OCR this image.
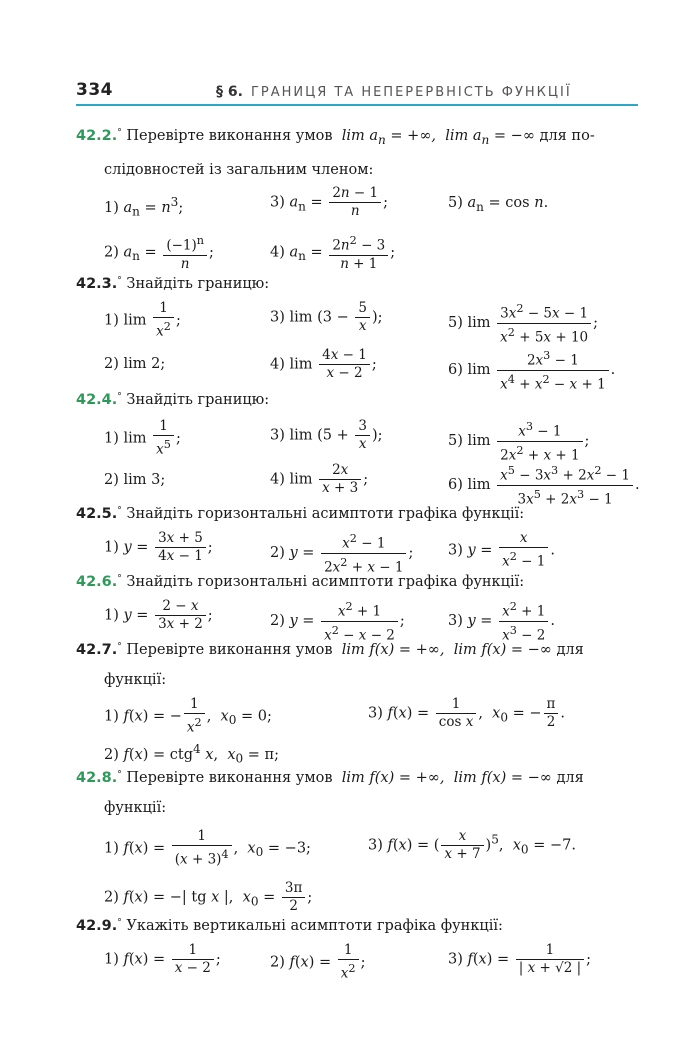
334	§ 6. ГРАНИЦЯ ТА НЕПЕРЕРВНІСТЬ ФУНКЦІЇ
42.2.° Перевірте виконання умов  $\lim a_n$ = +∞,  $\lim a_n$ = −∞ для по-
слідовностей із загальним членом:
1) $a_n = n^3$;	3) $a_n = \frac{2n - 1}{n}$ ;	5) $a_n = \cos n$.
2) $a_n = \frac{(-1)^n}{n}$ ;	4) $a_n = \frac{2n^2 - 3}{n + 1}$ ;
42.3.° Знайдіть границю:
1) $\lim \frac{1}{x^2}$ ;	3) $\lim (3 - \frac{5}{x}$ );	5) $\lim \frac{3x^2 - 5x - 1}{x^2 + 5x + 10}$ ;
2) lim 2;	4) $\lim \frac{4x - 1}{x - 2}$ ;	6) $\lim \frac{2x^3 - 1}{x^4 + x^2 - x + 1}$ .
42.4.° Знайдіть границю:
1) $\lim \frac{1}{x^5}$ ;	3) $\lim (5 + \frac{3}{x}$ );	5) $\lim \frac{x^3 - 1}{2x^2 + x + 1}$ ;
2) lim 3;	4) $\lim \frac{2x}{x + 3}$ ;	6) $\lim \frac{x^5 - 3x^3 + 2x^2 - 1}{3x^5 + 2x^3 - 1}$ .
42.5.° Знайдіть горизонтальні асимптоти графіка функції:
1) $y = \frac{3x + 5}{4x - 1}$ ;	2) $y = \frac{x^2 - 1}{2x^2 + x - 1}$ ; 3) $y = \frac{x}{x^2 - 1}$ .
42.6.° Знайдіть горизонтальні асимптоти графіка функції:
1) $y = \frac{2 - x}{3x + 2}$ ;	2) $y = \frac{x^2 + 1}{x^2 - x - 2}$ ;	3) $y = \frac{x^2 + 1}{x^3 - 2}$ .
42.7.° Перевірте виконання умов  lim f(x) = +∞,  lim f(x) = −∞ для
функції:
1) f(x) = − $\frac{1}{x^2}$ ,  $x_0 = 0$;	3) $f(x) = \frac{1}{\text{cos x}}$ ,  $x_0$ = − $\frac{\pi}{2}$ .
2) f(x) = ctg$^4$ x,  $x_0 = \pi$;
42.8.° Перевірте виконання умов  lim f(x) = +∞,  lim f(x) = −∞ для
функції:
1) $f(x) = \frac{1}{(x + 3)^4}$ ,  $x_0 = -3$;	3) f(x) = ( $\frac{x}{x + 7} )^5$,  $x_0 = -7$.
2) f(x) = −| tg x |,  $x_0 = \frac{3\pi}{2}$ ;
42.9.° Укажіть вертикальні асимптоти графіка функції:
1) $f(x) = \frac{1}{x - 2}$ ;	2) $f(x) = \frac{1}{x^2}$ ;	3) $f(x) = \frac{1}{| x + √2 |}$ ;
